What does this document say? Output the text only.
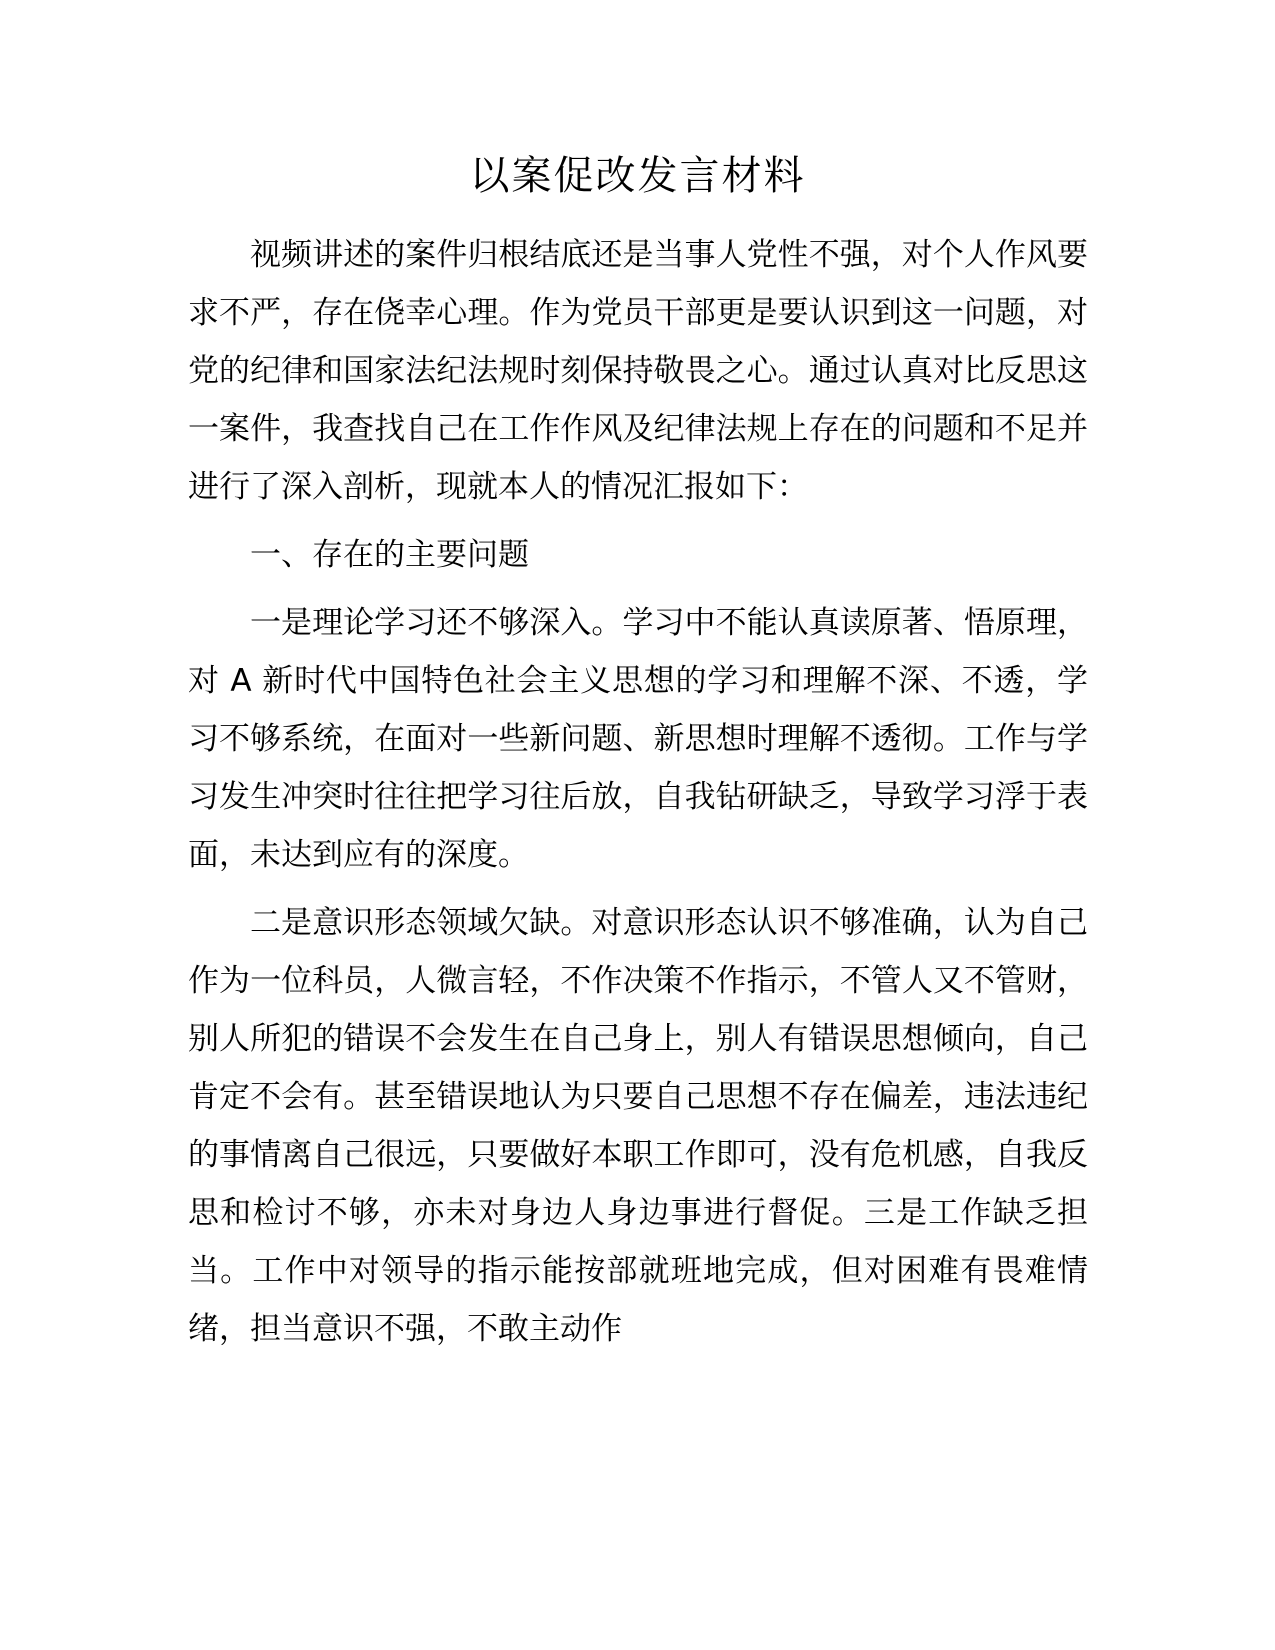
以案促改发言材料

视频讲述的案件归根结底还是当事人党性不强，对个人作风要求不严，存在侥幸心理。作为党员干部更是要认识到这一问题，对党的纪律和国家法纪法规时刻保持敬畏之心。通过认真对比反思这一案件，我查找自己在工作作风及纪律法规上存在的问题和不足并进行了深入剖析，现就本人的情况汇报如下：

一、存在的主要问题

一是理论学习还不够深入。学习中不能认真读原著、悟原理，对 A 新时代中国特色社会主义思想的学习和理解不深、不透，学习不够系统，在面对一些新问题、新思想时理解不透彻。工作与学习发生冲突时往往把学习往后放，自我钻研缺乏，导致学习浮于表面，未达到应有的深度。

二是意识形态领域欠缺。对意识形态认识不够准确，认为自己作为一位科员，人微言轻，不作决策不作指示，不管人又不管财，别人所犯的错误不会发生在自己身上，别人有错误思想倾向，自己肯定不会有。甚至错误地认为只要自己思想不存在偏差，违法违纪的事情离自己很远，只要做好本职工作即可，没有危机感，自我反思和检讨不够，亦未对身边人身边事进行督促。三是工作缺乏担当。工作中对领导的指示能按部就班地完成，但对困难有畏难情绪，担当意识不强，不敢主动作
